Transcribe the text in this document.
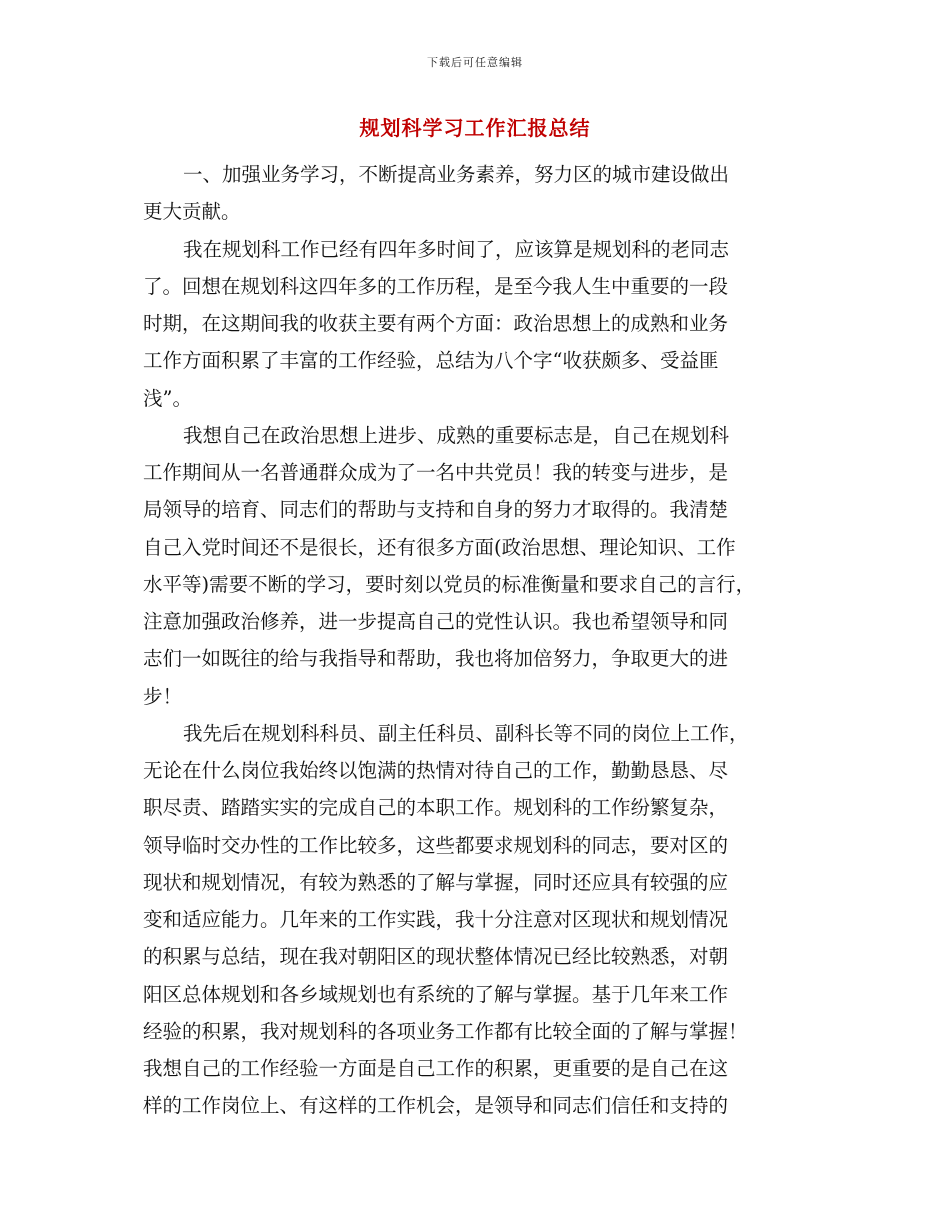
下载后可任意编辑
规划科学习工作汇报总结
一、加强业务学习，不断提高业务素养，努力区的城市建设做出
更大贡献。
我在规划科工作已经有四年多时间了，应该算是规划科的老同志
了。回想在规划科这四年多的工作历程，是至今我人生中重要的一段
时期，在这期间我的收获主要有两个方面：政治思想上的成熟和业务
工作方面积累了丰富的工作经验，总结为八个字“收获颇多、受益匪
浅”。
我想自己在政治思想上进步、成熟的重要标志是，自己在规划科
工作期间从一名普通群众成为了一名中共党员！我的转变与进步，是
局领导的培育、同志们的帮助与支持和自身的努力才取得的。我清楚
自己入党时间还不是很长，还有很多方面(政治思想、理论知识、工作
水平等)需要不断的学习，要时刻以党员的标准衡量和要求自己的言行，
注意加强政治修养，进一步提高自己的党性认识。我也希望领导和同
志们一如既往的给与我指导和帮助，我也将加倍努力，争取更大的进
步！
我先后在规划科科员、副主任科员、副科长等不同的岗位上工作，
无论在什么岗位我始终以饱满的热情对待自己的工作，勤勤恳恳、尽
职尽责、踏踏实实的完成自己的本职工作。规划科的工作纷繁复杂，
领导临时交办性的工作比较多，这些都要求规划科的同志，要对区的
现状和规划情况，有较为熟悉的了解与掌握，同时还应具有较强的应
变和适应能力。几年来的工作实践，我十分注意对区现状和规划情况
的积累与总结，现在我对朝阳区的现状整体情况已经比较熟悉，对朝
阳区总体规划和各乡域规划也有系统的了解与掌握。基于几年来工作
经验的积累，我对规划科的各项业务工作都有比较全面的了解与掌握！
我想自己的工作经验一方面是自己工作的积累，更重要的是自己在这
样的工作岗位上、有这样的工作机会，是领导和同志们信任和支持的
